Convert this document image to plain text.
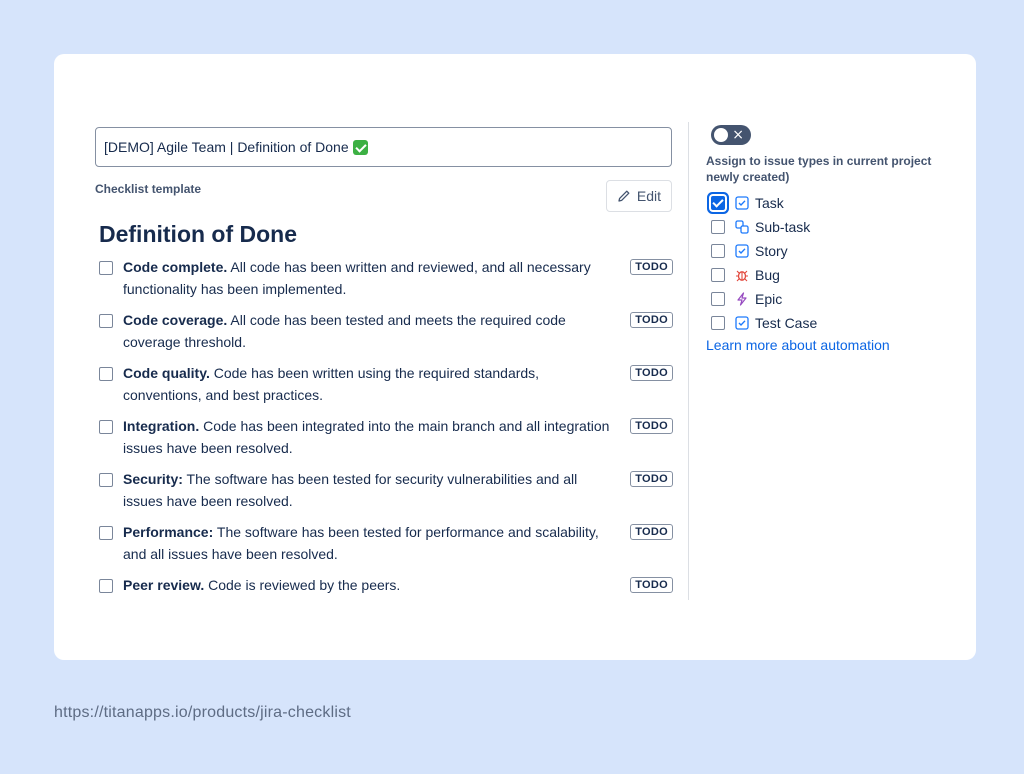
[DEMO] Agile Team | Definition of Done
Checklist template	Edit
Definition of Done
Code complete. All code has been written and reviewed, and all necessary functionality has been implemented.
TODO
Code coverage. All code has been tested and meets the required code coverage threshold.
TODO
Code quality. Code has been written using the required standards, conventions, and best practices.
TODO
Integration. Code has been integrated into the main branch and all integration issues have been resolved.
TODO
Security: The software has been tested for security vulnerabilities and all issues have been resolved.
TODO
Performance: The software has been tested for performance and scalability, and all issues have been resolved.
TODO
Peer review. Code is reviewed by the peers.	TODO
×
Assign to issue types in current project newly created)
Task
Sub-task
Story
Bug
Epic
Test Case
Learn more about automation
https://titanapps.io/products/jira-checklist
